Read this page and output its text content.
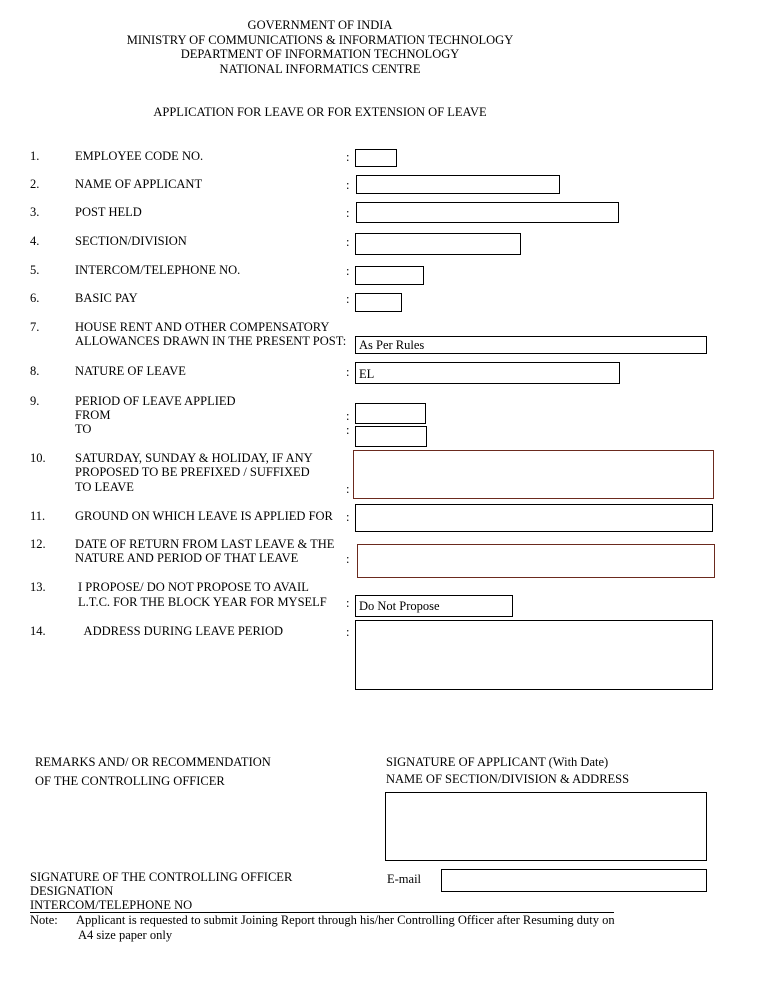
GOVERNMENT OF INDIA
MINISTRY OF COMMUNICATIONS & INFORMATION TECHNOLOGY
DEPARTMENT OF INFORMATION TECHNOLOGY
NATIONAL INFORMATICS CENTRE
APPLICATION FOR LEAVE OR FOR EXTENSION OF LEAVE
1.	EMPLOYEE CODE NO.	:
2.	NAME OF APPLICANT	:
3.	POST HELD	:
4.	SECTION/DIVISION	:
5.	INTERCOM/TELEPHONE NO.	:
6.	BASIC PAY	:
7.	HOUSE RENT AND OTHER COMPENSATORY
ALLOWANCES DRAWN IN THE PRESENT POST: As Per Rules
8.	NATURE OF LEAVE	: EL
9.	PERIOD OF LEAVE APPLIED
FROM
TO
:
:
10. SATURDAY, SUNDAY & HOLIDAY, IF ANY
PROPOSED TO BE PREFIXED / SUFFIXED
TO LEAVE	:
11. GROUND ON WHICH LEAVE IS APPLIED FOR :
12. DATE OF RETURN FROM LAST LEAVE & THE
NATURE AND PERIOD OF THAT LEAVE	:
13.	I PROPOSE/ DO NOT PROPOSE TO AVAIL
L.T.C. FOR THE BLOCK YEAR FOR MYSELF : Do Not Propose
14.	ADDRESS DURING LEAVE PERIOD	:
REMARKS AND/ OR RECOMMENDATION
OF THE CONTROLLING OFFICER
SIGNATURE OF APPLICANT (With Date)
NAME OF SECTION/DIVISION & ADDRESS
E-mail
SIGNATURE OF THE CONTROLLING OFFICER
DESIGNATION
INTERCOM/TELEPHONE NO
Note: Applicant is requested to submit Joining Report through his/her Controlling Officer after Resuming duty on
A4 size paper only
